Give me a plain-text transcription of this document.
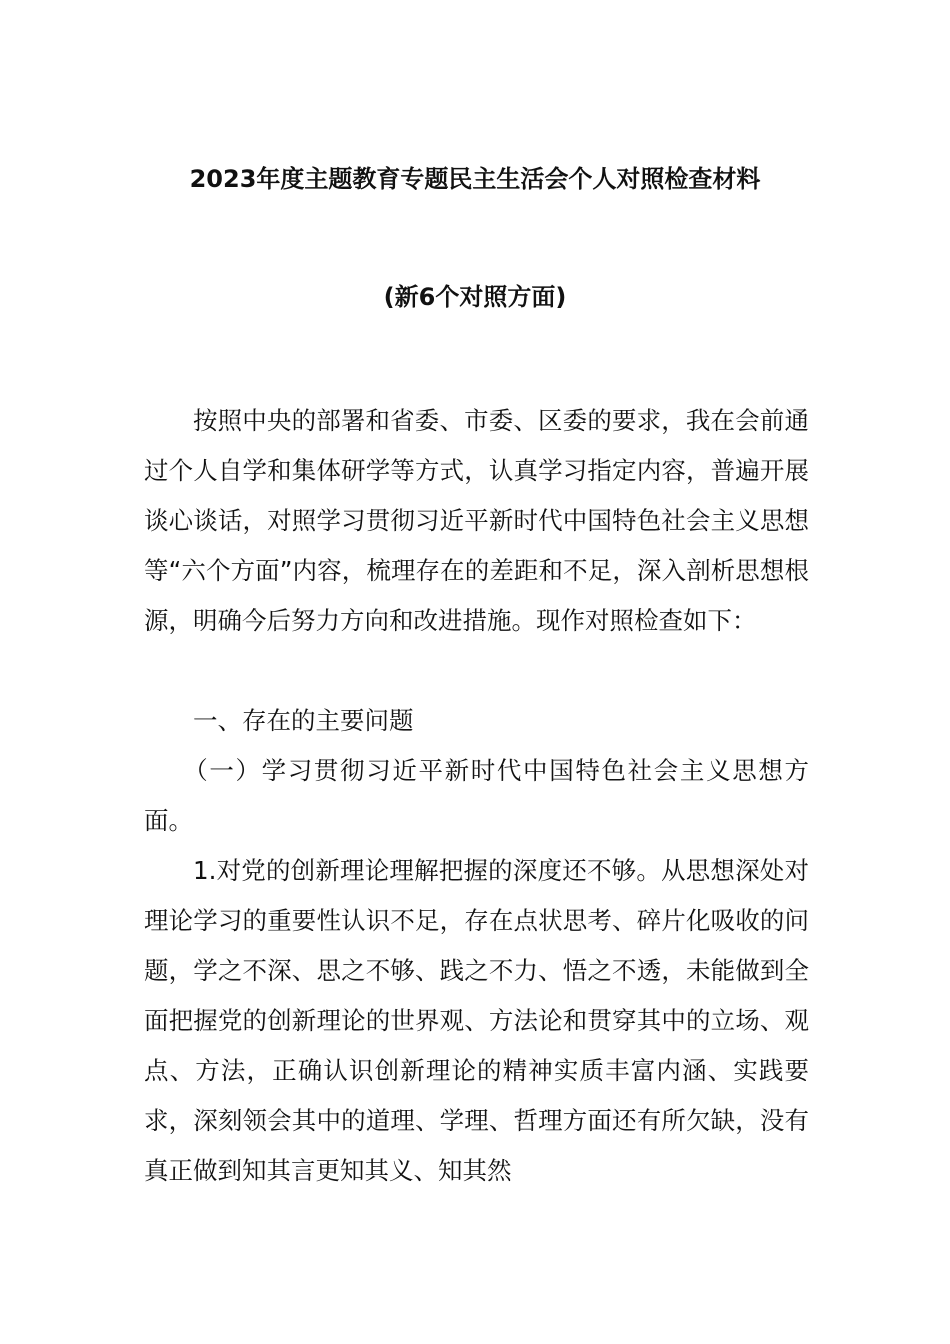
2023年度主题教育专题民主生活会个人对照检查材料
(新6个对照方面)

按照中央的部署和省委、市委、区委的要求，我在会前通过个人自学和集体研学等方式，认真学习指定内容，普遍开展谈心谈话，对照学习贯彻习近平新时代中国特色社会主义思想等“六个方面”内容，梳理存在的差距和不足，深入剖析思想根源，明确今后努力方向和改进措施。现作对照检查如下：

一、存在的主要问题

（一）学习贯彻习近平新时代中国特色社会主义思想方面。

1.对党的创新理论理解把握的深度还不够。从思想深处对理论学习的重要性认识不足，存在点状思考、碎片化吸收的问题，学之不深、思之不够、践之不力、悟之不透，未能做到全面把握党的创新理论的世界观、方法论和贯穿其中的立场、观点、方法，正确认识创新理论的精神实质丰富内涵、实践要求，深刻领会其中的道理、学理、哲理方面还有所欠缺，没有真正做到知其言更知其义、知其然
